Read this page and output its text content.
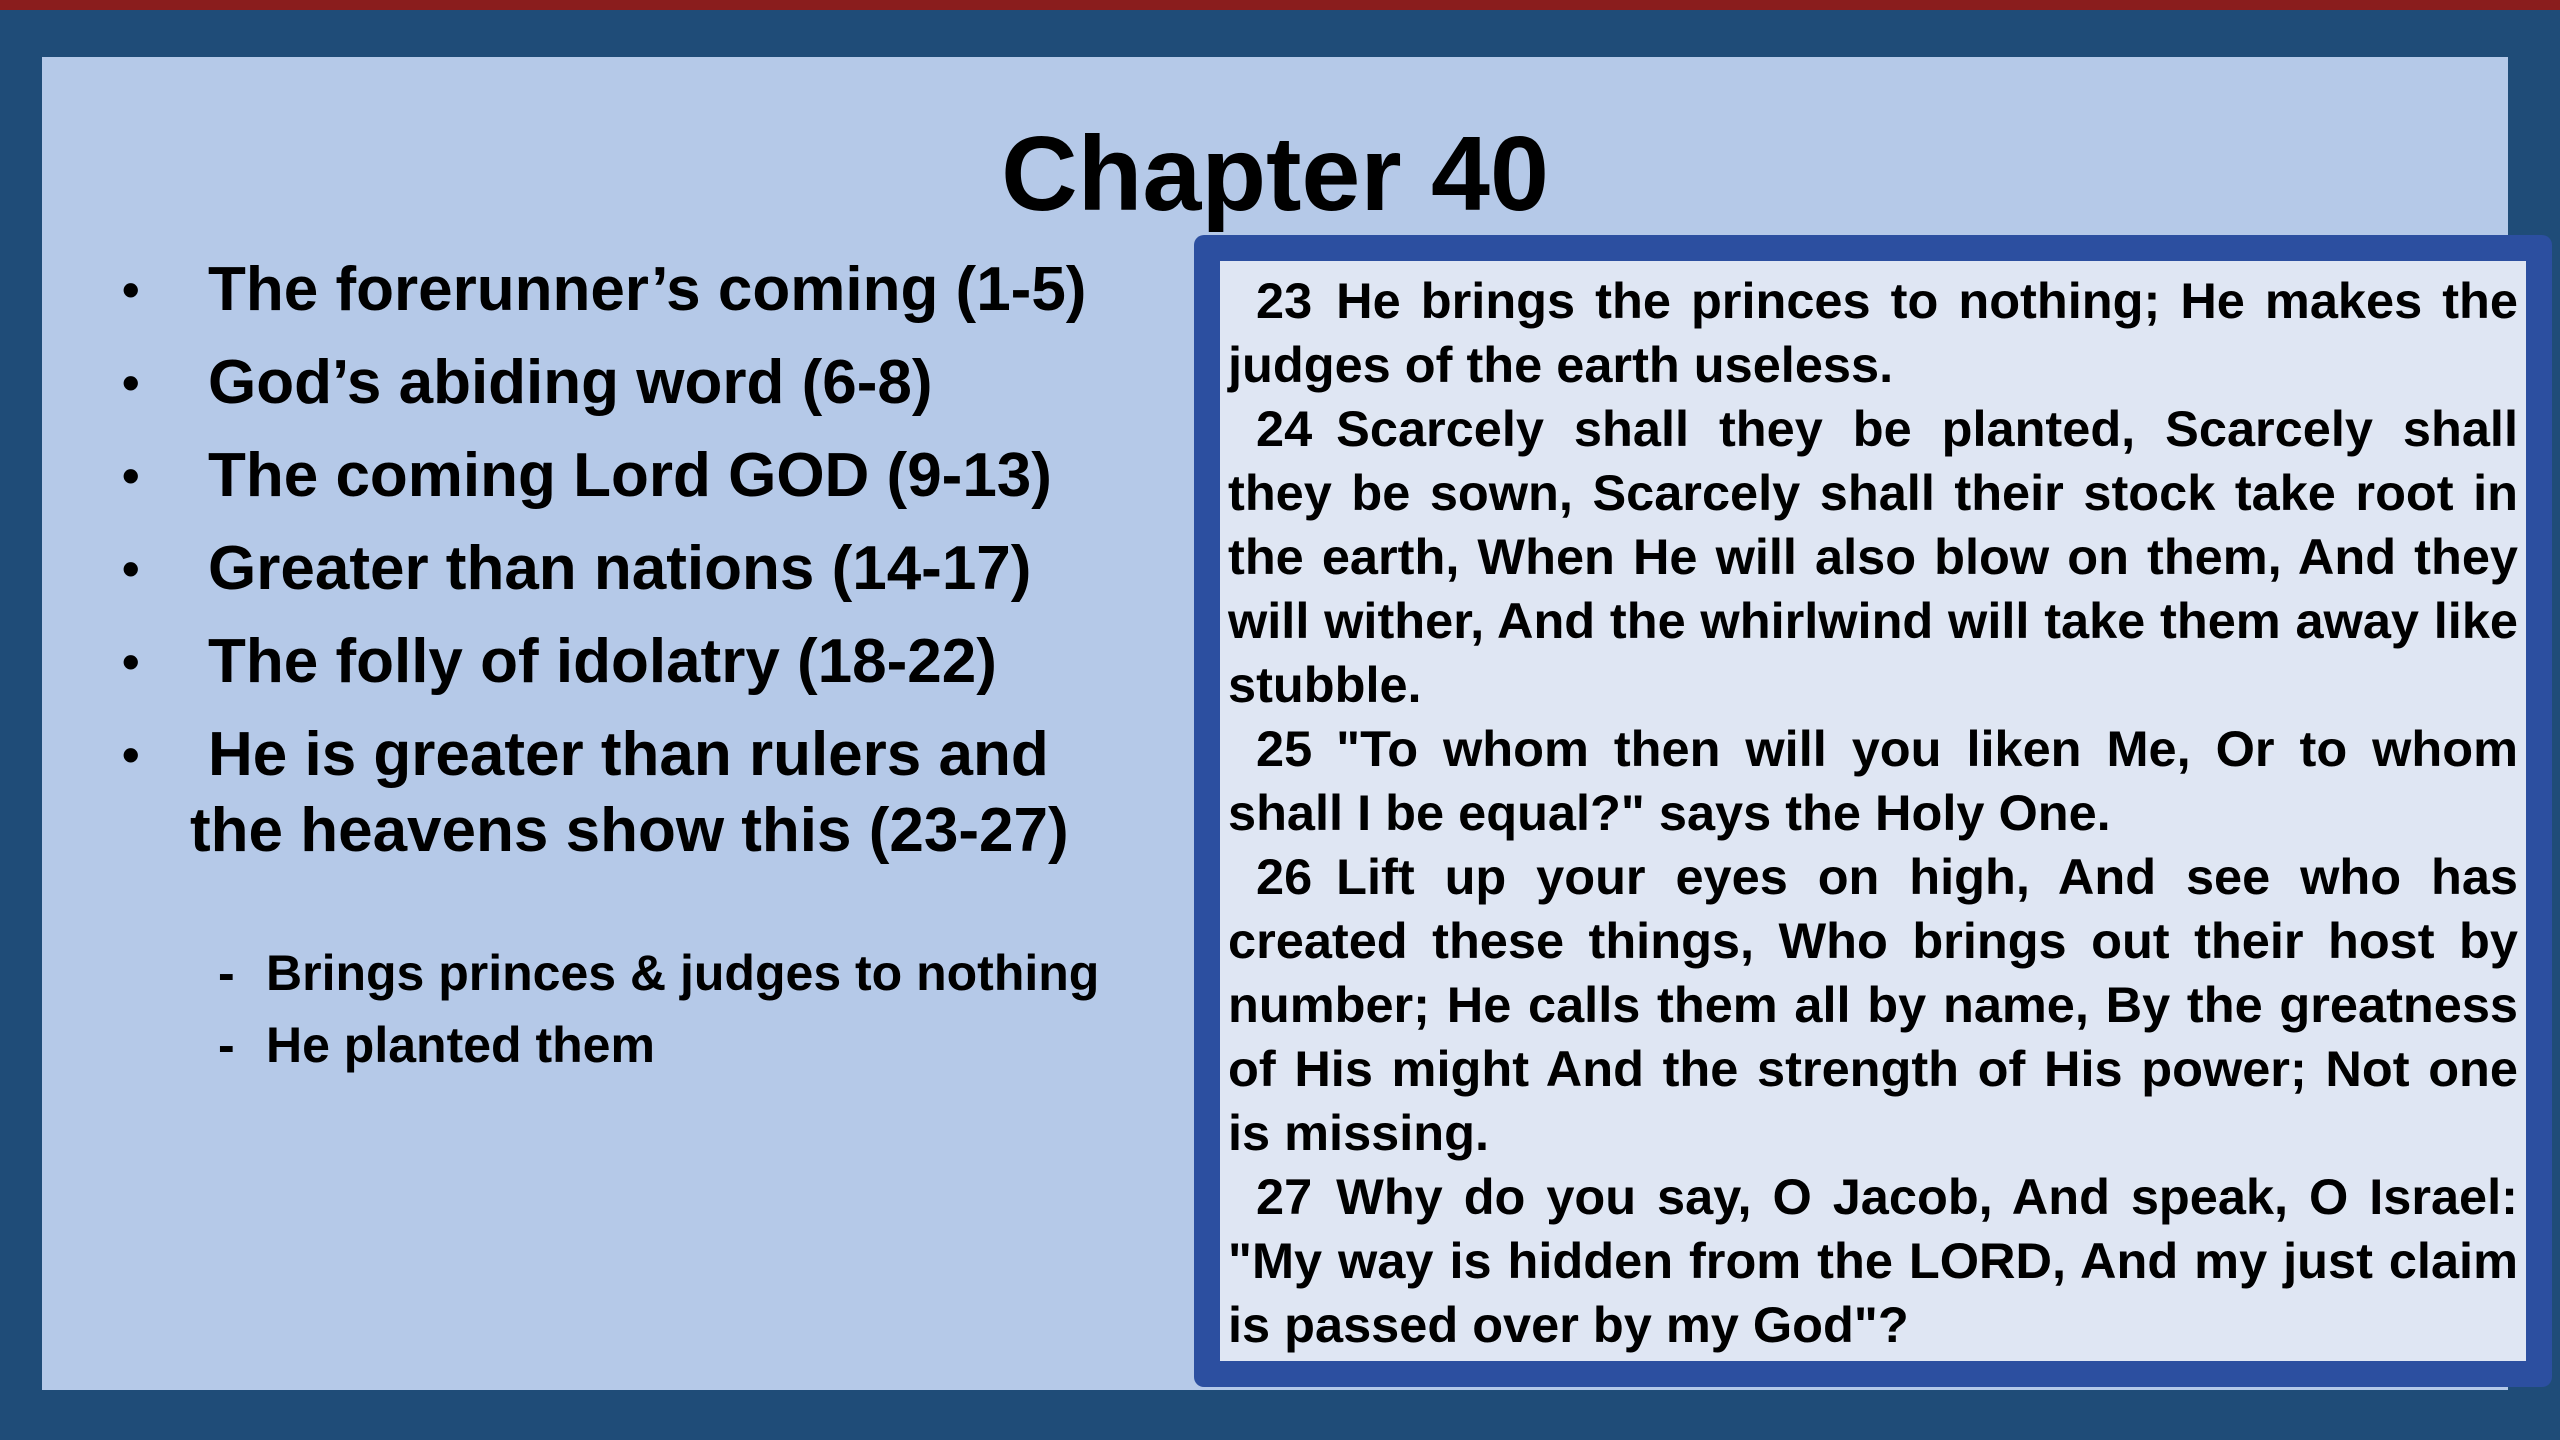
Chapter 40
• The forerunner’s coming (1-5)
• God’s abiding word (6-8)
• The coming Lord GOD (9-13)
• Greater than nations (14-17)
• The folly of idolatry (18-22)
• He is greater than rulers and
the heavens show this (23-27)
- Brings princes & judges to nothing
- He planted them
23 He brings the princes to nothing; He makes the judges of the earth useless.
24 Scarcely shall they be planted, Scarcely shall they be sown, Scarcely shall their stock take root in the earth, When He will also blow on them, And they will wither, And the whirlwind will take them away like stubble.
25 "To whom then will you liken Me, Or to whom shall I be equal?" says the Holy One.
26 Lift up your eyes on high, And see who has created these things, Who brings out their host by number; He calls them all by name, By the greatness of His might And the strength of His power; Not one is missing.
27 Why do you say, O Jacob, And speak, O Israel: "My way is hidden from the LORD, And my just claim is passed over by my God"?
